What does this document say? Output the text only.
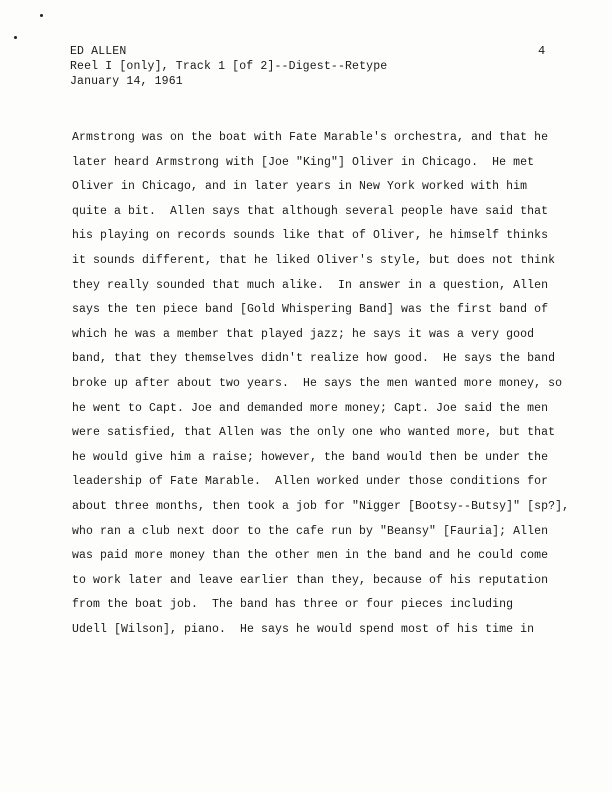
ED ALLEN
Reel I [only], Track 1 [of 2]--Digest--Retype
January 14, 1961
4
Armstrong was on the boat with Fate Marable's orchestra, and that he
later heard Armstrong with [Joe "King"] Oliver in Chicago.  He met
Oliver in Chicago, and in later years in New York worked with him
quite a bit.  Allen says that although several people have said that
his playing on records sounds like that of Oliver, he himself thinks
it sounds different, that he liked Oliver's style, but does not think
they really sounded that much alike.  In answer in a question, Allen
says the ten piece band [Gold Whispering Band] was the first band of
which he was a member that played jazz; he says it was a very good
band, that they themselves didn't realize how good.  He says the band
broke up after about two years.  He says the men wanted more money, so
he went to Capt. Joe and demanded more money; Capt. Joe said the men
were satisfied, that Allen was the only one who wanted more, but that
he would give him a raise; however, the band would then be under the
leadership of Fate Marable.  Allen worked under those conditions for
about three months, then took a job for "Nigger [Bootsy--Butsy]" [sp?],
who ran a club next door to the cafe run by "Beansy" [Fauria]; Allen
was paid more money than the other men in the band and he could come
to work later and leave earlier than they, because of his reputation
from the boat job.  The band has three or four pieces including
Udell [Wilson], piano.  He says he would spend most of his time in
